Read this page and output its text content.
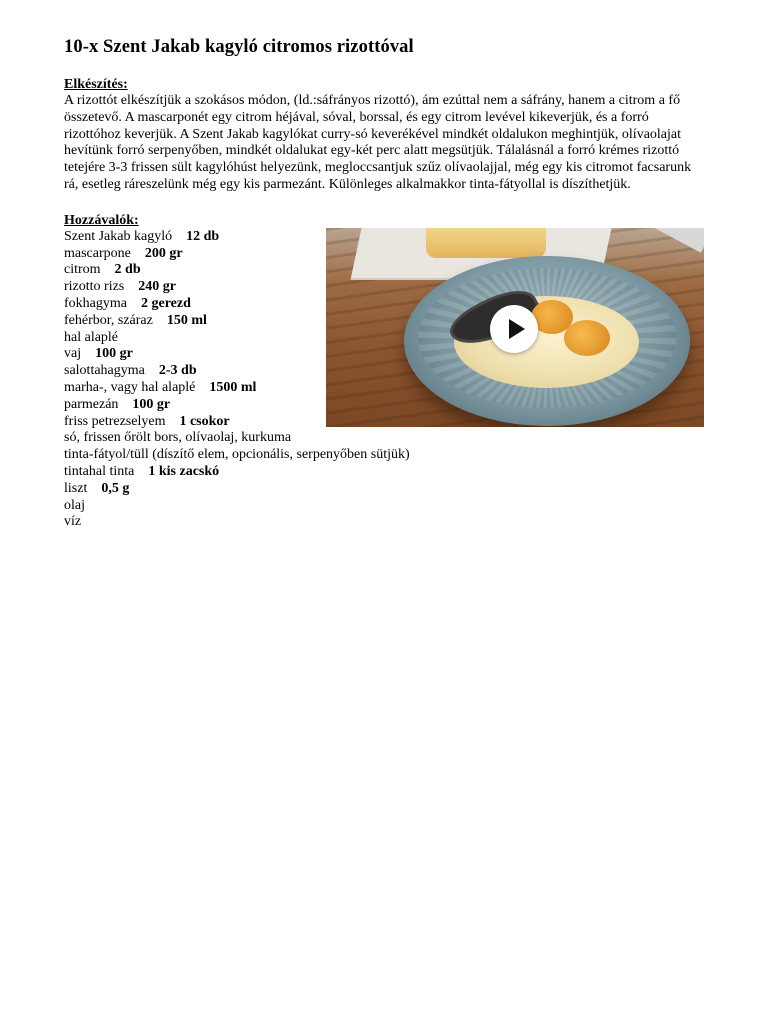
10-x Szent Jakab kagyló citromos rizottóval

Elkészítés:

A rizottót elkészítjük a szokásos módon, (ld.:sáfrányos rizottó), ám ezúttal nem a sáfrány, hanem a citrom a fő összetevő. A mascarponét egy citrom héjával, sóval, borssal, és egy citrom levével kikeverjük, és a forró rizottóhoz keverjük. A Szent Jakab kagylókat curry-só keverékével mindkét oldalukon meghintjük, olívaolajat hevítünk forró serpenyőben, mindkét oldalukat egy-két perc alatt megsütjük. Tálalásnál a forró krémes rizottó tetejére 3-3 frissen sült kagylóhúst helyezünk, megloccsantjuk szűz olívaolajjal, még egy kis citromot facsarunk rá, esetleg ráreszelünk még egy kis parmezánt. Különleges alkalmakkor tinta-fátyollal is díszíthetjük.

Hozzávalók:

Szent Jakab kagyló 12 db
mascarpone 200 gr
citrom 2 db
rizotto rizs 240 gr
fokhagyma 2 gerezd
fehérbor, száraz 150 ml
hal alaplé
vaj 100 gr
salottahagyma 2-3 db
marha-, vagy hal alaplé 1500 ml
parmezán 100 gr
friss petrezselyem 1 csokor
só, frissen őrölt bors, olívaolaj, kurkuma
tinta-fátyol/tüll (díszítő elem, opcionális, serpenyőben sütjük)
tintahal tinta 1 kis zacskó
liszt 0,5 g
olaj
víz
